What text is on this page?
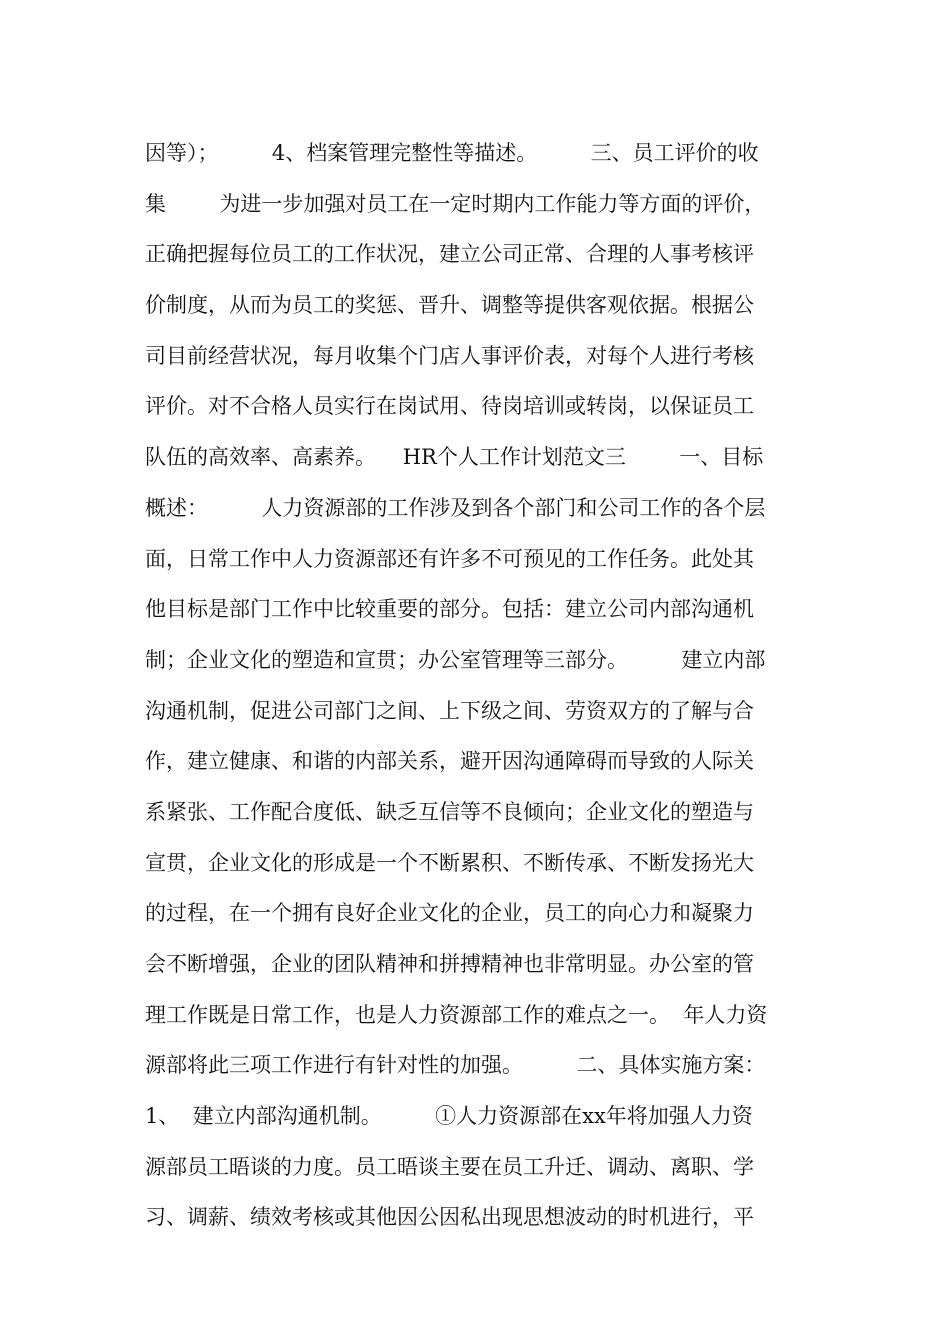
因等）；        4、档案管理完整性等描述。        三、员工评价的收
集        为进一步加强对员工在一定时期内工作能力等方面的评价，
正确把握每位员工的工作状况，建立公司正常、合理的人事考核评
价制度，从而为员工的奖惩、晋升、调整等提供客观依据。根据公
司目前经营状况，每月收集个门店人事评价表，对每个人进行考核
评价。对不合格人员实行在岗试用、待岗培训或转岗，以保证员工
队伍的高效率、高素养。    HR个人工作计划范文三        一、目标
概述：        人力资源部的工作涉及到各个部门和公司工作的各个层
面，日常工作中人力资源部还有许多不可预见的工作任务。此处其
他目标是部门工作中比较重要的部分。包括：建立公司内部沟通机
制；企业文化的塑造和宣贯；办公室管理等三部分。        建立内部
沟通机制，促进公司部门之间、上下级之间、劳资双方的了解与合
作，建立健康、和谐的内部关系，避开因沟通障碍而导致的人际关
系紧张、工作配合度低、缺乏互信等不良倾向；企业文化的塑造与
宣贯，企业文化的形成是一个不断累积、不断传承、不断发扬光大
的过程，在一个拥有良好企业文化的企业，员工的向心力和凝聚力
会不断增强，企业的团队精神和拼搏精神也非常明显。办公室的管
理工作既是日常工作，也是人力资源部工作的难点之一。  年人力资
源部将此三项工作进行有针对性的加强。        二、具体实施方案：
1、  建立内部沟通机制。        ①人力资源部在xx年将加强人力资
源部员工晤谈的力度。员工晤谈主要在员工升迁、调动、离职、学
习、调薪、绩效考核或其他因公因私出现思想波动的时机进行，平
